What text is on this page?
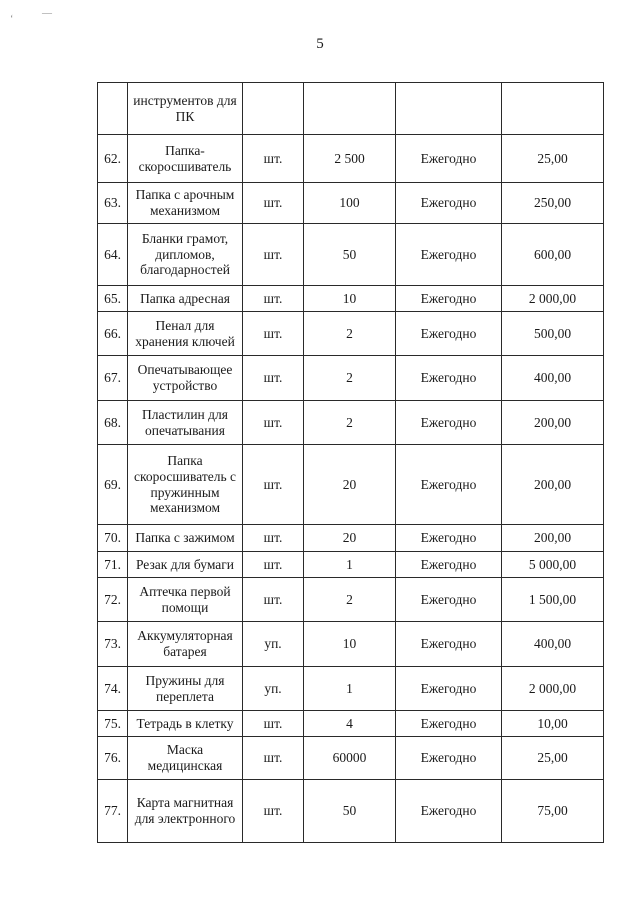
‘
—
5
	инструментов для ПК				
62.	Папка-скоросшиватель	шт.	2 500	Ежегодно	25,00
63.	Папка с арочным механизмом	шт.	100	Ежегодно	250,00
64.	Бланки грамот, дипломов, благодарностей	шт.	50	Ежегодно	600,00
65.	Папка адресная	шт.	10	Ежегодно	2 000,00
66.	Пенал для хранения ключей	шт.	2	Ежегодно	500,00
67.	Опечатывающее устройство	шт.	2	Ежегодно	400,00
68.	Пластилин для опечатывания	шт.	2	Ежегодно	200,00
69.	Папка скоросшиватель с пружинным механизмом	шт.	20	Ежегодно	200,00
70.	Папка с зажимом	шт.	20	Ежегодно	200,00
71.	Резак для бумаги	шт.	1	Ежегодно	5 000,00
72.	Аптечка первой помощи	шт.	2	Ежегодно	1 500,00
73.	Аккумуляторная батарея	уп.	10	Ежегодно	400,00
74.	Пружины для переплета	уп.	1	Ежегодно	2 000,00
75.	Тетрадь в клетку	шт.	4	Ежегодно	10,00
76.	Маска медицинская	шт.	60000	Ежегодно	25,00
77.	Карта магнитная для электронного	шт.	50	Ежегодно	75,00
